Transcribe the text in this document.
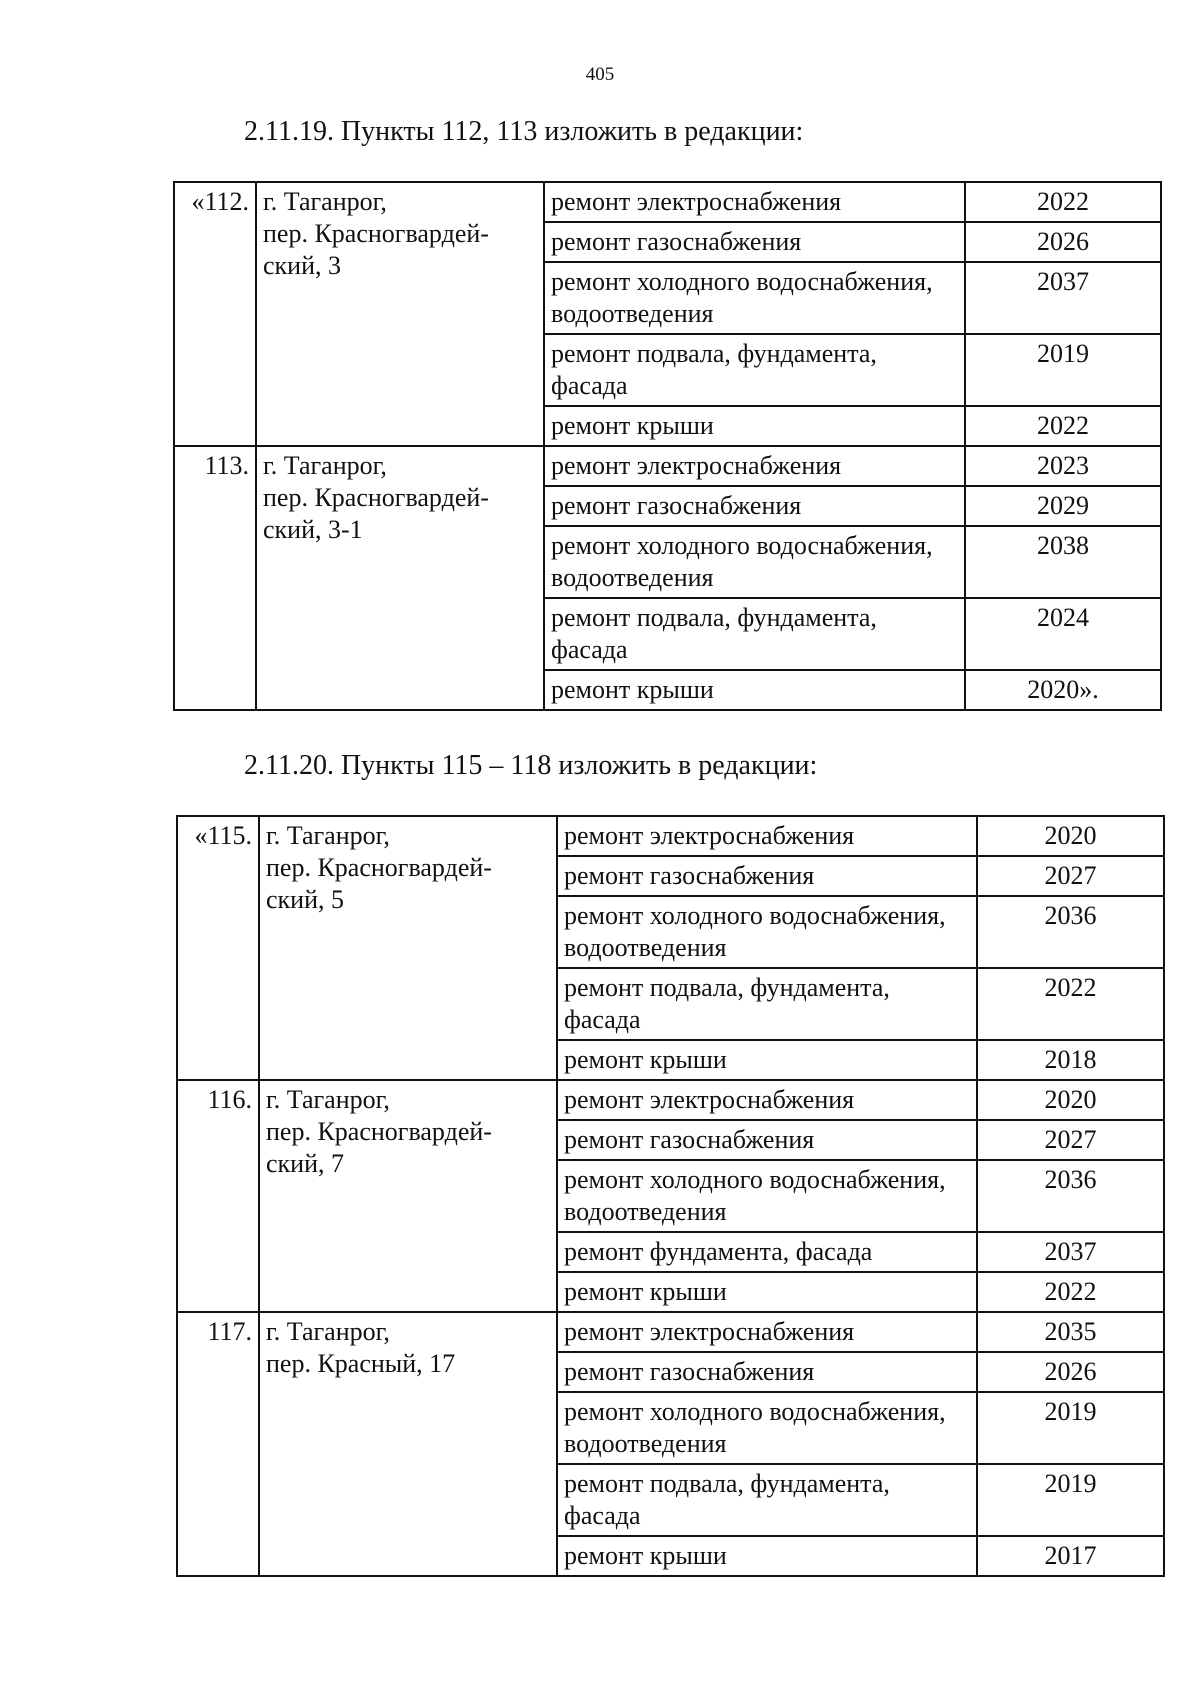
405
2.11.19. Пункты 112, 113 изложить в редакции:
«112.	г. Таганрог,
пер. Красногвардей-
ский, 3	ремонт электроснабжения	2022
		ремонт газоснабжения	2026
		ремонт холодного водоснабжения, водоотведения	2037
		ремонт подвала, фундамента, фасада	2019
		ремонт крыши	2022
113.	г. Таганрог,
пер. Красногвардей-
ский, 3-1	ремонт электроснабжения	2023
		ремонт газоснабжения	2029
		ремонт холодного водоснабжения, водоотведения	2038
		ремонт подвала, фундамента, фасада	2024
		ремонт крыши	2020».
2.11.20. Пункты 115 – 118 изложить в редакции:
«115.	г. Таганрог,
пер. Красногвардей-
ский, 5	ремонт электроснабжения	2020
		ремонт газоснабжения	2027
		ремонт холодного водоснабжения, водоотведения	2036
		ремонт подвала, фундамента, фасада	2022
		ремонт крыши	2018
116.	г. Таганрог,
пер. Красногвардей-
ский, 7	ремонт электроснабжения	2020
		ремонт газоснабжения	2027
		ремонт холодного водоснабжения, водоотведения	2036
		ремонт фундамента, фасада	2037
		ремонт крыши	2022
117.	г. Таганрог,
пер. Красный, 17	ремонт электроснабжения	2035
		ремонт газоснабжения	2026
		ремонт холодного водоснабжения, водоотведения	2019
		ремонт подвала, фундамента, фасада	2019
		ремонт крыши	2017
